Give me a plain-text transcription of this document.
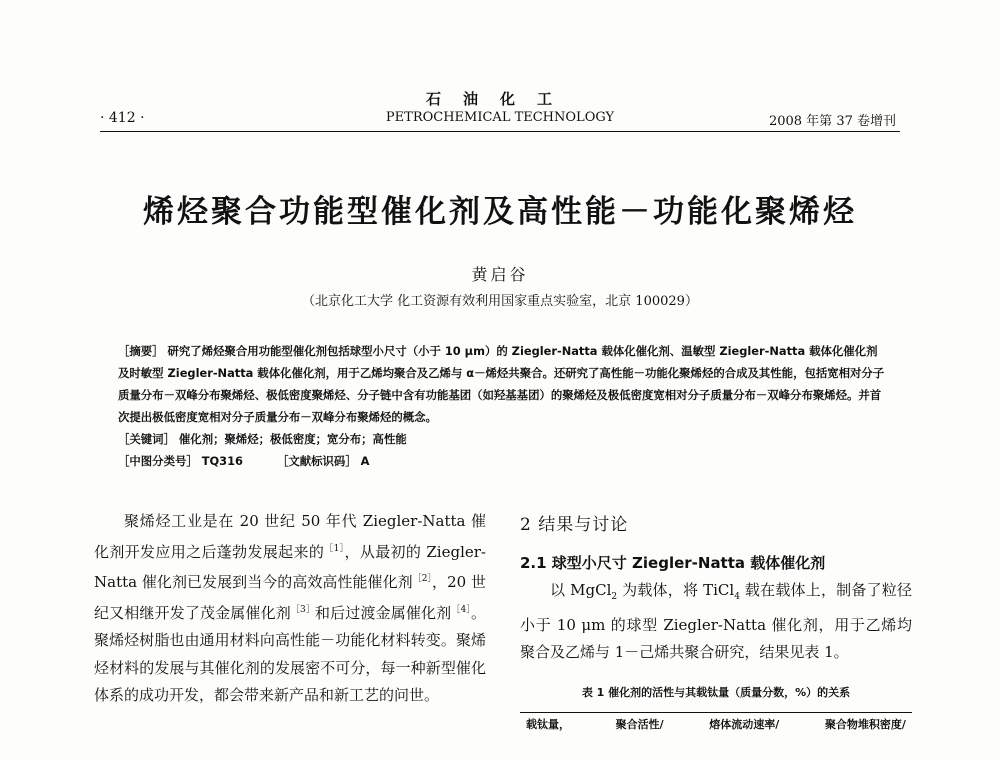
石油化工
PETROCHEMICAL TECHNOLOGY
· 412 ·	2008 年第 37 卷增刊
烯烃聚合功能型催化剂及高性能－功能化聚烯烃
黄启谷
（北京化工大学 化工资源有效利用国家重点实验室，北京 100029）

［摘要］ 研究了烯烃聚合用功能型催化剂包括球型小尺寸（小于 10 μm）的 Ziegler-Natta 载体化催化剂、温敏型 Ziegler-Natta 载体化催化剂及时敏型 Ziegler-Natta 载体化催化剂，用于乙烯均聚合及乙烯与 α－烯烃共聚合。还研究了高性能－功能化聚烯烃的合成及其性能，包括宽相对分子质量分布－双峰分布聚烯烃、极低密度聚烯烃、分子链中含有功能基团（如羟基基团）的聚烯烃及极低密度宽相对分子质量分布－双峰分布聚烯烃。并首次提出极低密度宽相对分子质量分布－双峰分布聚烯烃的概念。

［关键词］ 催化剂；聚烯烃；极低密度；宽分布；高性能

［中图分类号］ TQ316	［文献标识码］ A

聚烯烃工业是在 20 世纪 50 年代 Ziegler-Natta 催化剂开发应用之后蓬勃发展起来的$^{[1]}$，从最初的 Ziegler-Natta 催化剂已发展到当今的高效高性能催化剂$^{[2]}$，20 世纪又相继开发了茂金属催化剂$^{[3]}$和后过渡金属催化剂$^{[4]}$。聚烯烃树脂也由通用材料向高性能－功能化材料转变。聚烯烃材料的发展与其催化剂的发展密不可分，每一种新型催化体系的成功开发，都会带来新产品和新工艺的问世。

2 结果与讨论
2.1 球型小尺寸 Ziegler-Natta 载体催化剂

以 MgCl$_2$ 为载体，将 TiCl$_4$ 载在载体上，制备了粒径小于 10 μm 的球型 Ziegler-Natta 催化剂，用于乙烯均聚合及乙烯与 1－己烯共聚合研究，结果见表 1。

表 1 催化剂的活性与其载钛量（质量分数，%）的关系
载钛量，	聚合活性/	熔体流动速率/	聚合物堆积密度/
